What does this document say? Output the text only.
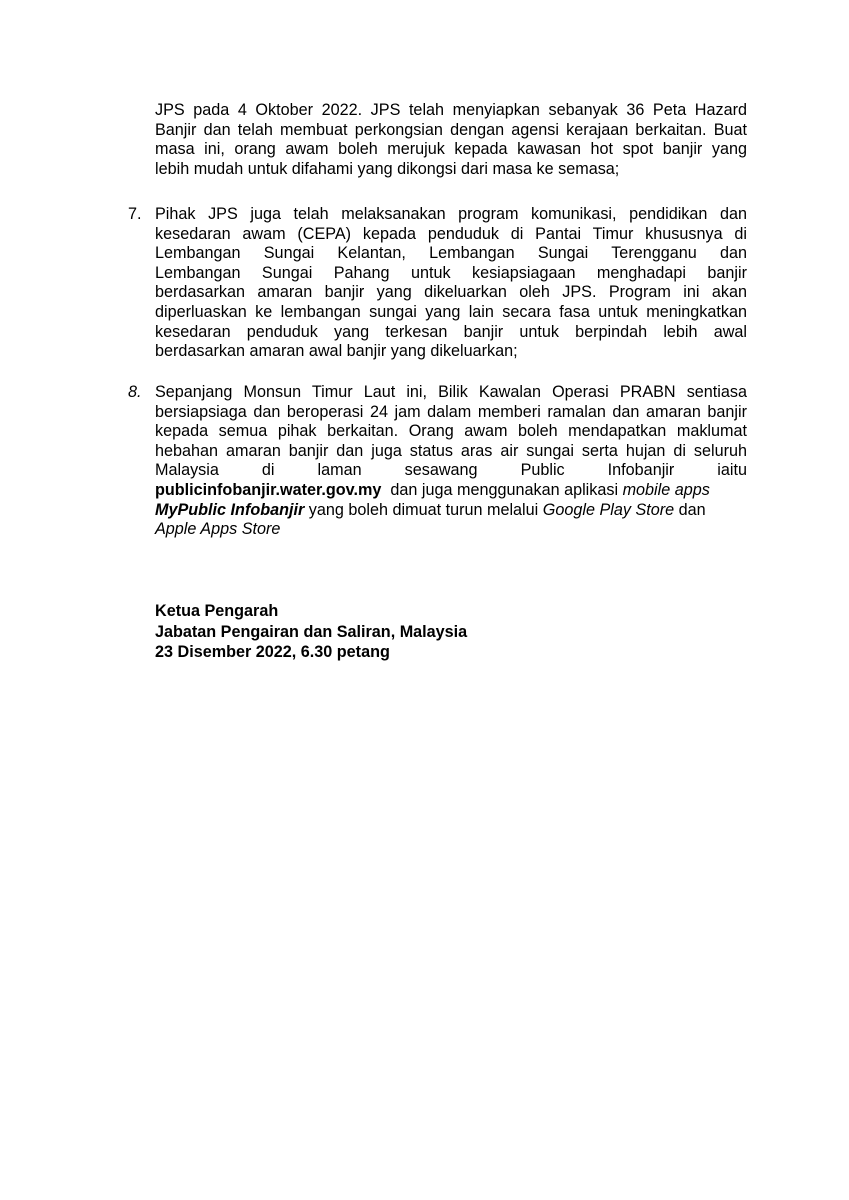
JPS pada 4 Oktober 2022. JPS telah menyiapkan sebanyak 36 Peta Hazard
Banjir dan telah membuat perkongsian dengan agensi kerajaan berkaitan. Buat
masa ini, orang awam boleh merujuk kepada kawasan hot spot banjir yang
lebih mudah untuk difahami yang dikongsi dari masa ke semasa;
7. Pihak JPS juga telah melaksanakan program komunikasi, pendidikan dan
kesedaran awam (CEPA) kepada penduduk di Pantai Timur khususnya di
Lembangan Sungai Kelantan, Lembangan Sungai Terengganu dan
Lembangan Sungai Pahang untuk kesiapsiagaan menghadapi banjir
berdasarkan amaran banjir yang dikeluarkan oleh JPS. Program ini akan
diperluaskan ke lembangan sungai yang lain secara fasa untuk meningkatkan
kesedaran penduduk yang terkesan banjir untuk berpindah lebih awal
berdasarkan amaran awal banjir yang dikeluarkan;
8. Sepanjang Monsun Timur Laut ini, Bilik Kawalan Operasi PRABN sentiasa
bersiapsiaga dan beroperasi 24 jam dalam memberi ramalan dan amaran banjir
kepada semua pihak berkaitan. Orang awam boleh mendapatkan maklumat
hebahan amaran banjir dan juga status aras air sungai serta hujan di seluruh
Malaysia di laman sesawang Public Infobanjir iaitu
publicinfobanjir.water.gov.my  dan juga menggunakan aplikasi mobile apps
MyPublic Infobanjir yang boleh dimuat turun melalui Google Play Store dan
Apple Apps Store
Ketua Pengarah
Jabatan Pengairan dan Saliran, Malaysia
23 Disember 2022, 6.30 petang
